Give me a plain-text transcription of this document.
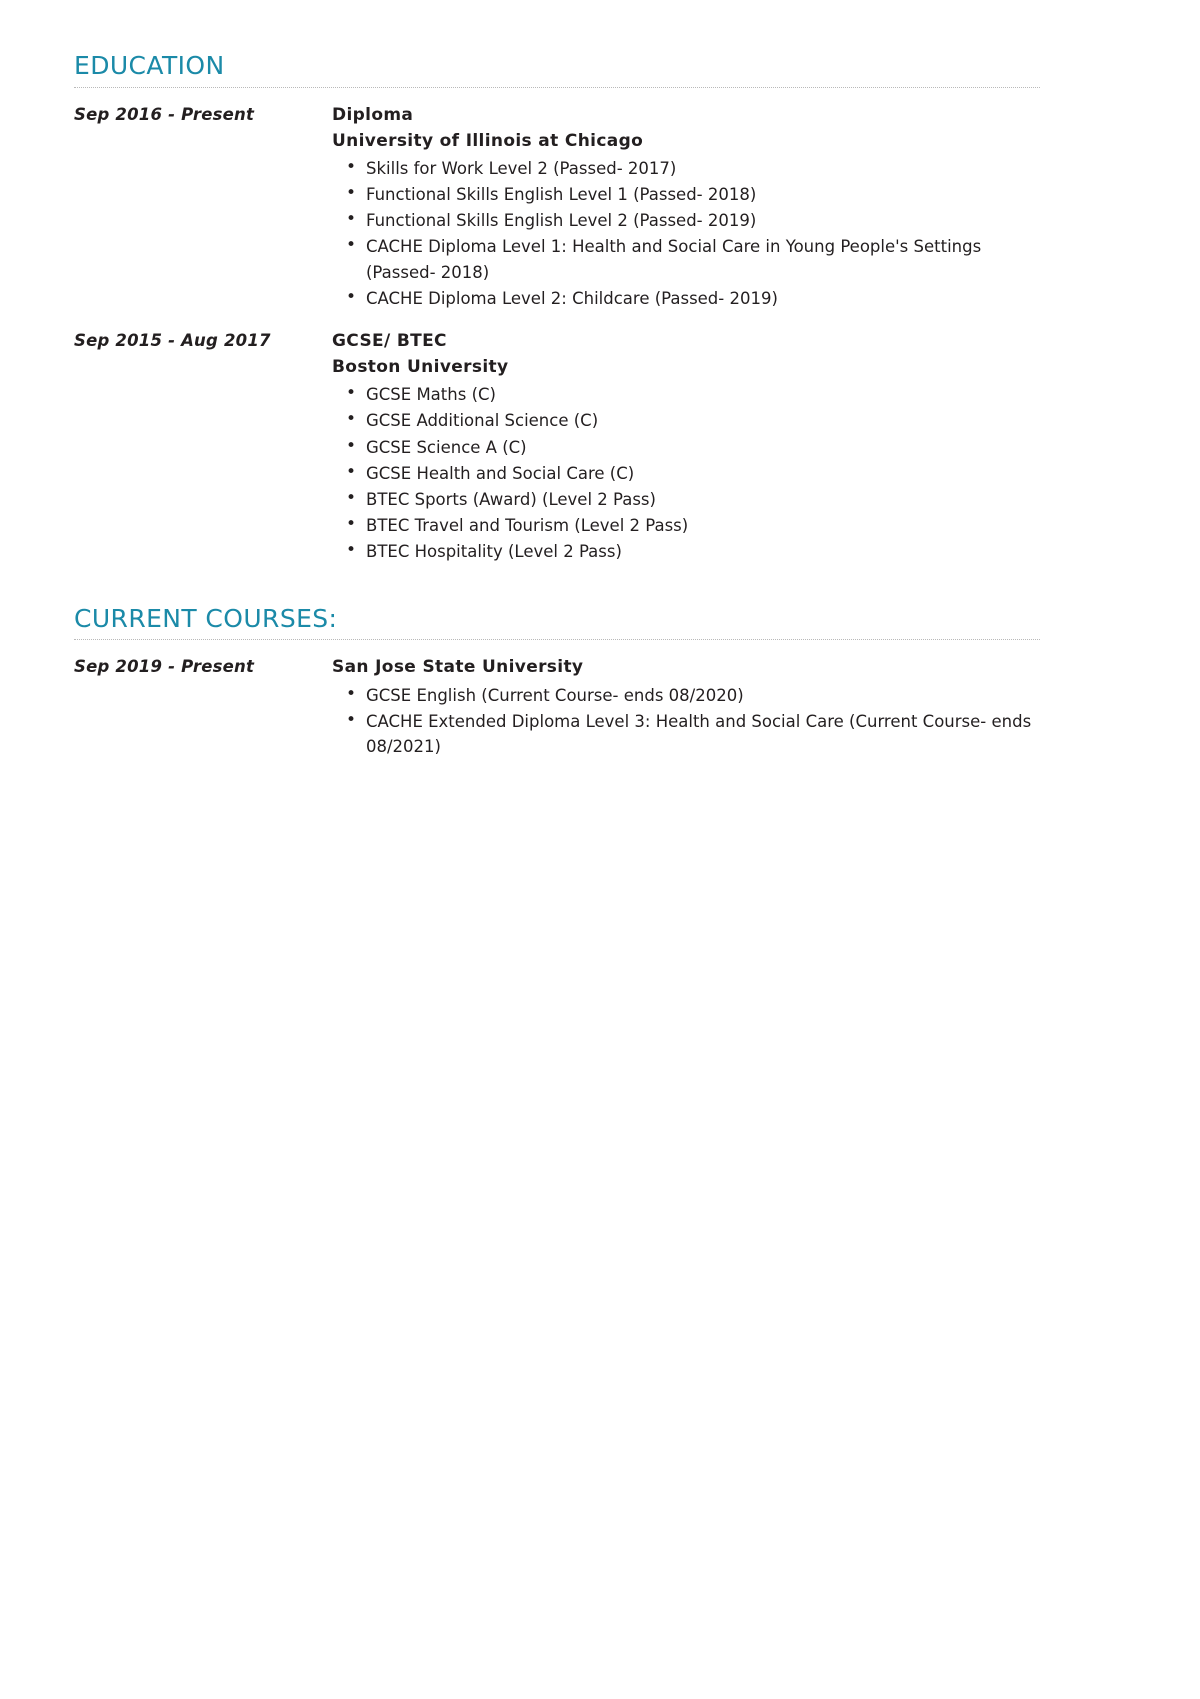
EDUCATION
Sep 2016 - Present	Diploma
University of Illinois at Chicago
• Skills for Work Level 2 (Passed- 2017)
• Functional Skills English Level 1 (Passed- 2018)
• Functional Skills English Level 2 (Passed- 2019)
• CACHE Diploma Level 1: Health and Social Care in Young People's Settings (Passed- 2018)
• CACHE Diploma Level 2: Childcare (Passed- 2019)
Sep 2015 - Aug 2017	GCSE/ BTEC
Boston University
• GCSE Maths (C)
• GCSE Additional Science (C)
• GCSE Science A (C)
• GCSE Health and Social Care (C)
• BTEC Sports (Award) (Level 2 Pass)
• BTEC Travel and Tourism (Level 2 Pass)
• BTEC Hospitality (Level 2 Pass)
CURRENT COURSES:
Sep 2019 - Present	San Jose State University
• GCSE English (Current Course- ends 08/2020)
• CACHE Extended Diploma Level 3: Health and Social Care (Current Course- ends 08/2021)
